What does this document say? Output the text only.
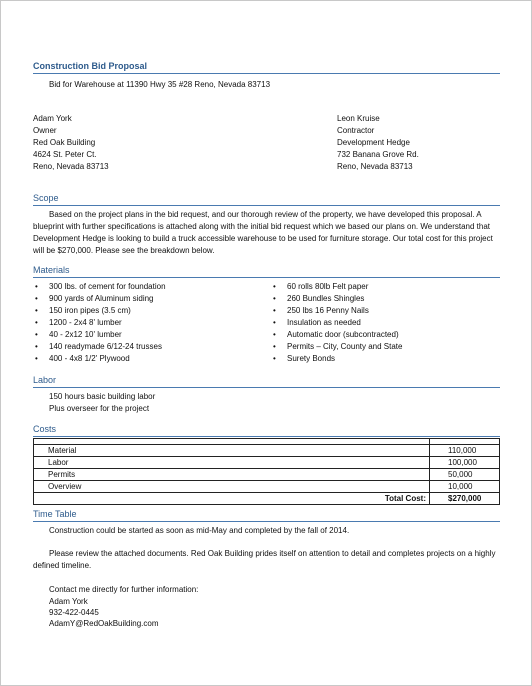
Construction Bid Proposal
Bid for Warehouse at 11390 Hwy 35 #28 Reno, Nevada 83713
Adam York
Owner
Red Oak Building
4624 St. Peter Ct.
Reno, Nevada 83713
Leon Kruise
Contractor
Development Hedge
732 Banana Grove Rd.
Reno, Nevada 83713
Scope
Based on the project plans in the bid request, and our thorough review of the property, we have developed this proposal. A blueprint with further specifications is attached along with the initial bid request which we based our plans on. We understand that Development Hedge is looking to build a truck accessible warehouse to be used for furniture storage. Our total cost for this project will be $270,000. Please see the breakdown below.
Materials
• 300 lbs. of cement for foundation
• 900 yards of Aluminum siding
• 150 iron pipes (3.5 cm)
• 1200 - 2x4 8' lumber
• 40 - 2x12 10' lumber
• 140 readymade 6/12-24 trusses
• 400 - 4x8 1/2' Plywood
• 60 rolls 80lb Felt paper
• 260 Bundles Shingles
• 250 lbs 16 Penny Nails
• Insulation as needed
• Automatic door (subcontracted)
• Permits – City, County and State
• Surety Bonds
Labor
150 hours basic building labor
Plus overseer for the project
Costs

Material	110,000
Labor	100,000
Permits	50,000
Overview	10,000
Total Cost:	$270,000
Time Table
Construction could be started as soon as mid-May and completed by the fall of 2014.
Please review the attached documents. Red Oak Building prides itself on attention to detail and completes projects on a highly defined timeline.
Contact me directly for further information:
Adam York
932-422-0445
AdamY@RedOakBuilding.com
